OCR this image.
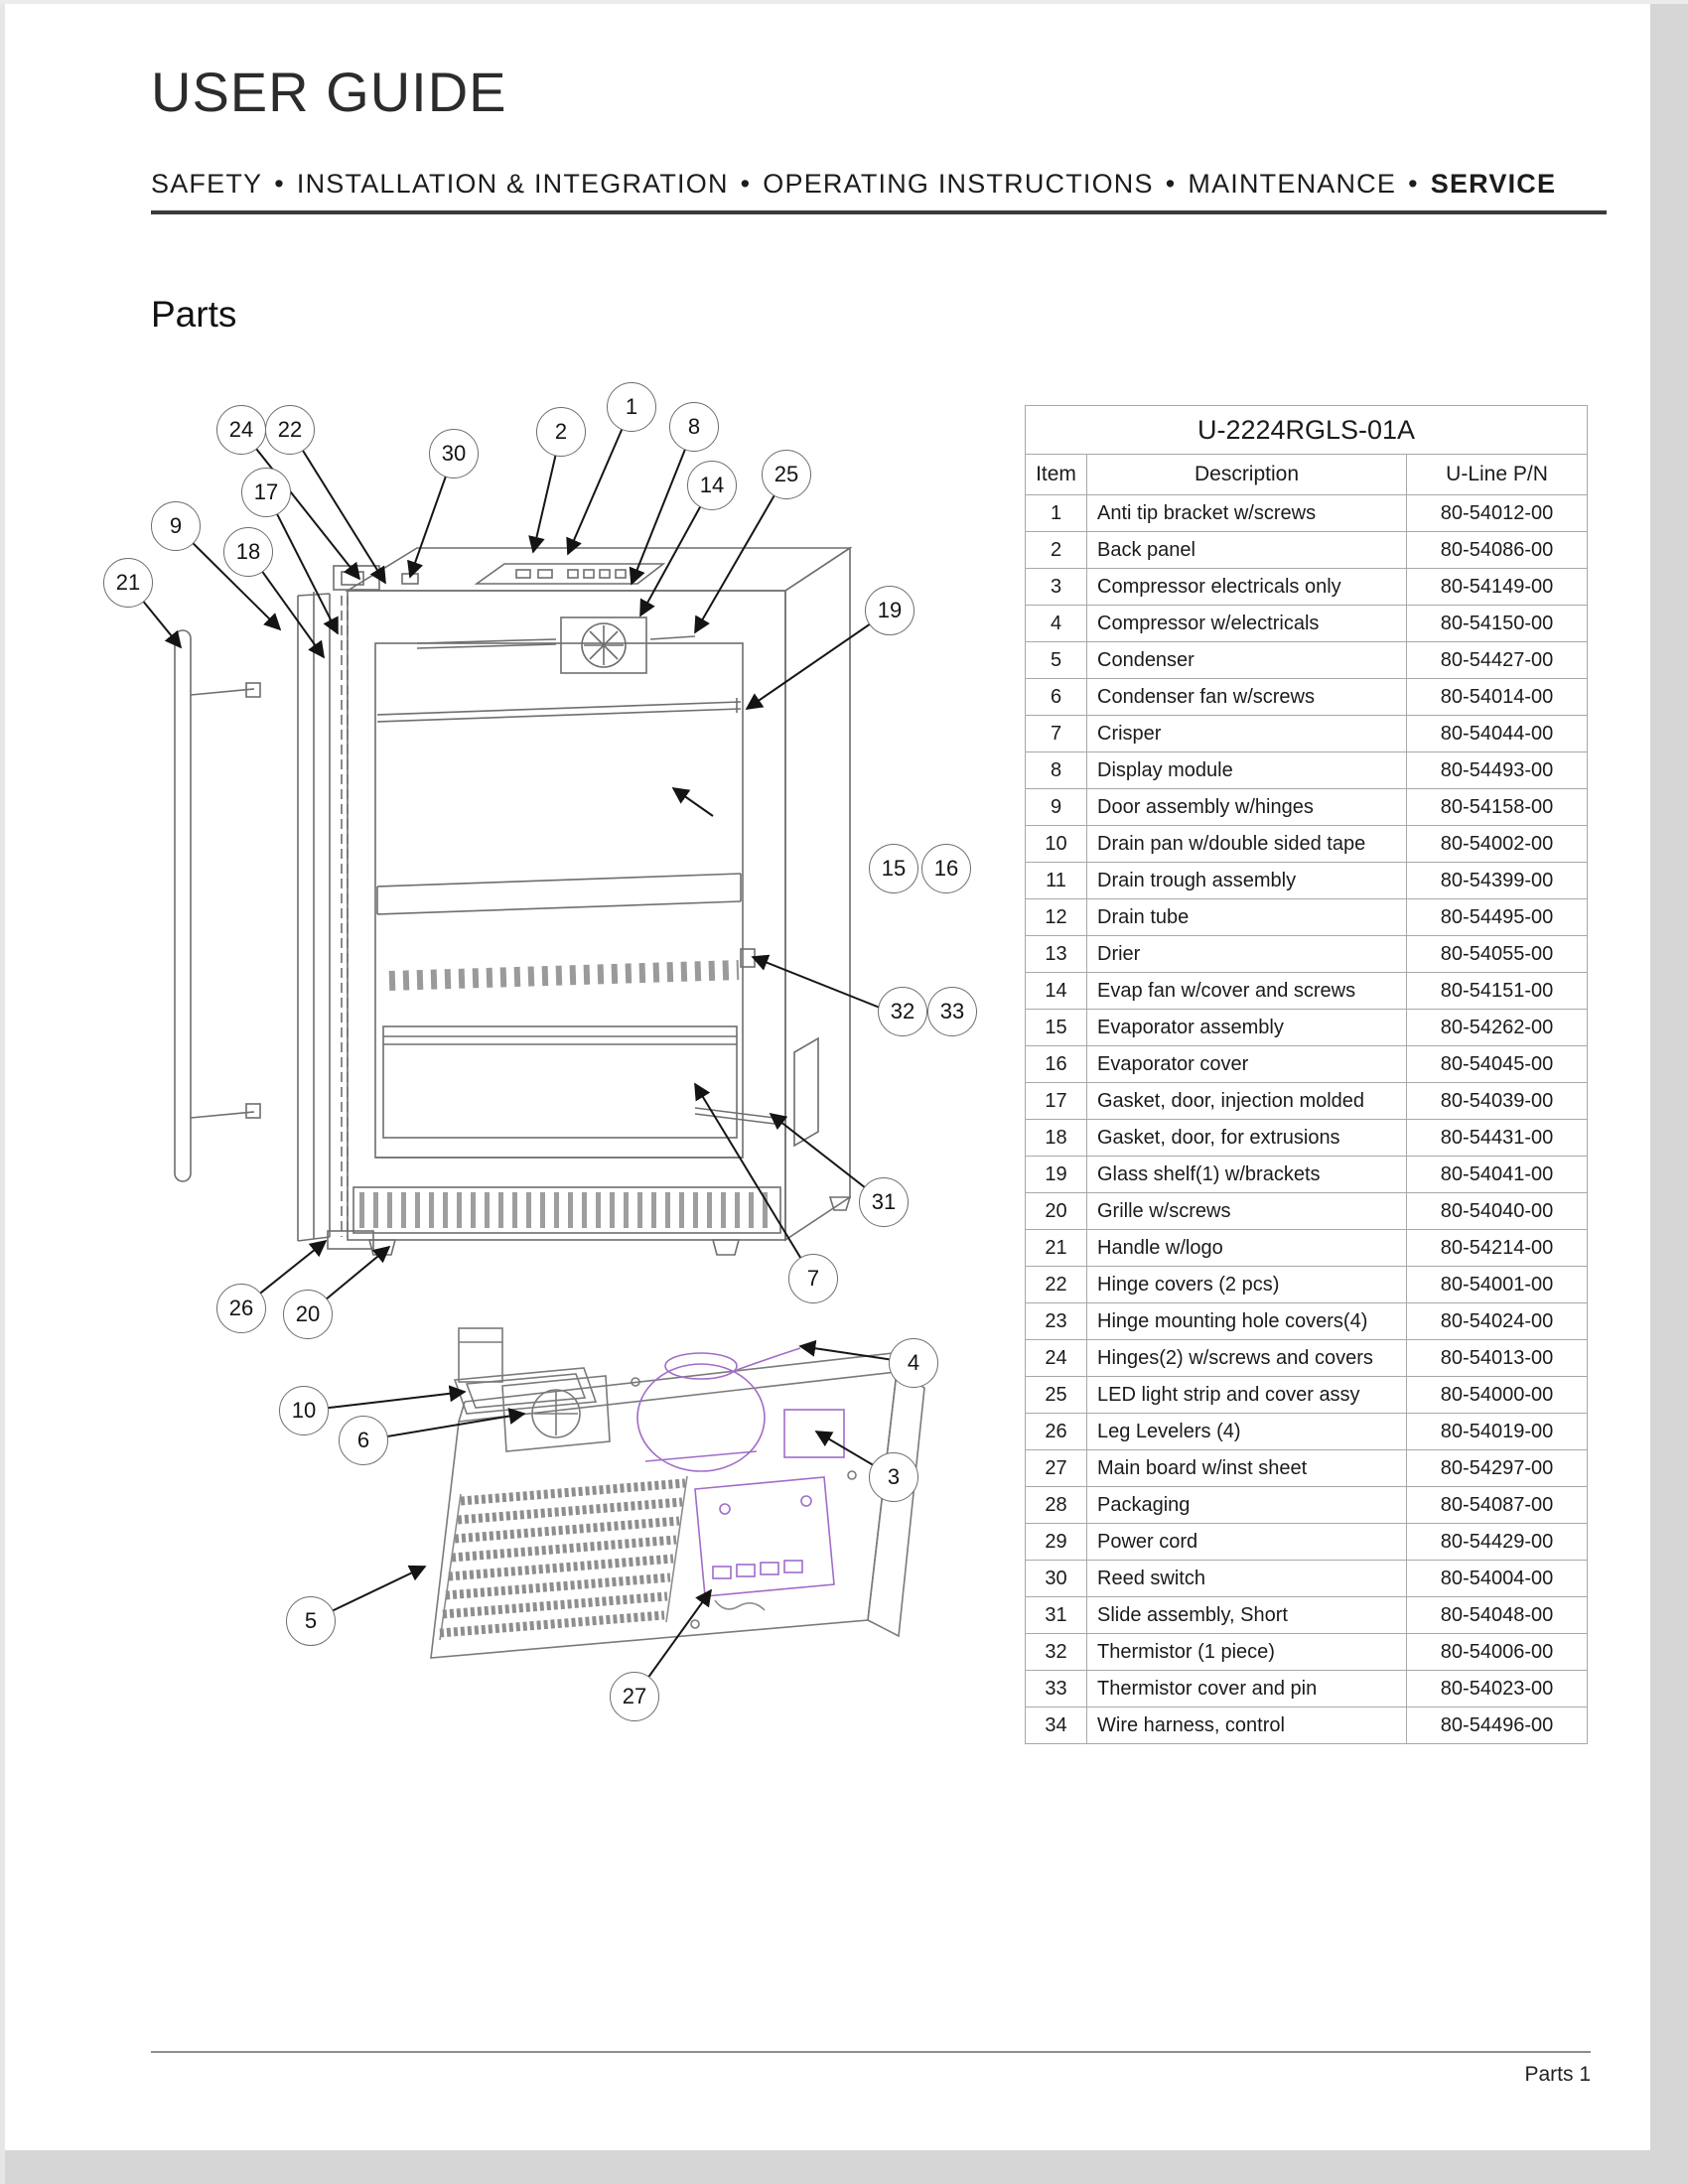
USER GUIDE
SAFETY • INSTALLATION & INTEGRATION • OPERATING INSTRUCTIONS • MAINTENANCE • SERVICE
Parts
24	22
30
2
1
8
14	25
17
9
18
21
19
15	16
32	33
31
7
26	20
10
6
4
3
5
27
U-2224RGLS-01A		
Item	Description	U-Line P/N
1	Anti tip bracket w/screws	80-54012-00
2	Back panel	80-54086-00
3	Compressor electricals only	80-54149-00
4	Compressor w/electricals	80-54150-00
5	Condenser	80-54427-00
6	Condenser fan w/screws	80-54014-00
7	Crisper	80-54044-00
8	Display module	80-54493-00
9	Door assembly w/hinges	80-54158-00
10	Drain pan w/double sided tape	80-54002-00
11	Drain trough assembly	80-54399-00
12	Drain tube	80-54495-00
13	Drier	80-54055-00
14	Evap fan w/cover and screws	80-54151-00
15	Evaporator assembly	80-54262-00
16	Evaporator cover	80-54045-00
17	Gasket, door, injection molded	80-54039-00
18	Gasket, door, for extrusions	80-54431-00
19	Glass shelf(1) w/brackets	80-54041-00
20	Grille w/screws	80-54040-00
21	Handle w/logo	80-54214-00
22	Hinge covers (2 pcs)	80-54001-00
23	Hinge mounting hole covers(4)	80-54024-00
24	Hinges(2) w/screws and covers	80-54013-00
25	LED light strip and cover assy	80-54000-00
26	Leg Levelers (4)	80-54019-00
27	Main board w/inst sheet	80-54297-00
28	Packaging	80-54087-00
29	Power cord	80-54429-00
30	Reed switch	80-54004-00
31	Slide assembly, Short	80-54048-00
32	Thermistor (1 piece)	80-54006-00
33	Thermistor cover and pin	80-54023-00
34	Wire harness, control	80-54496-00
Parts 1
